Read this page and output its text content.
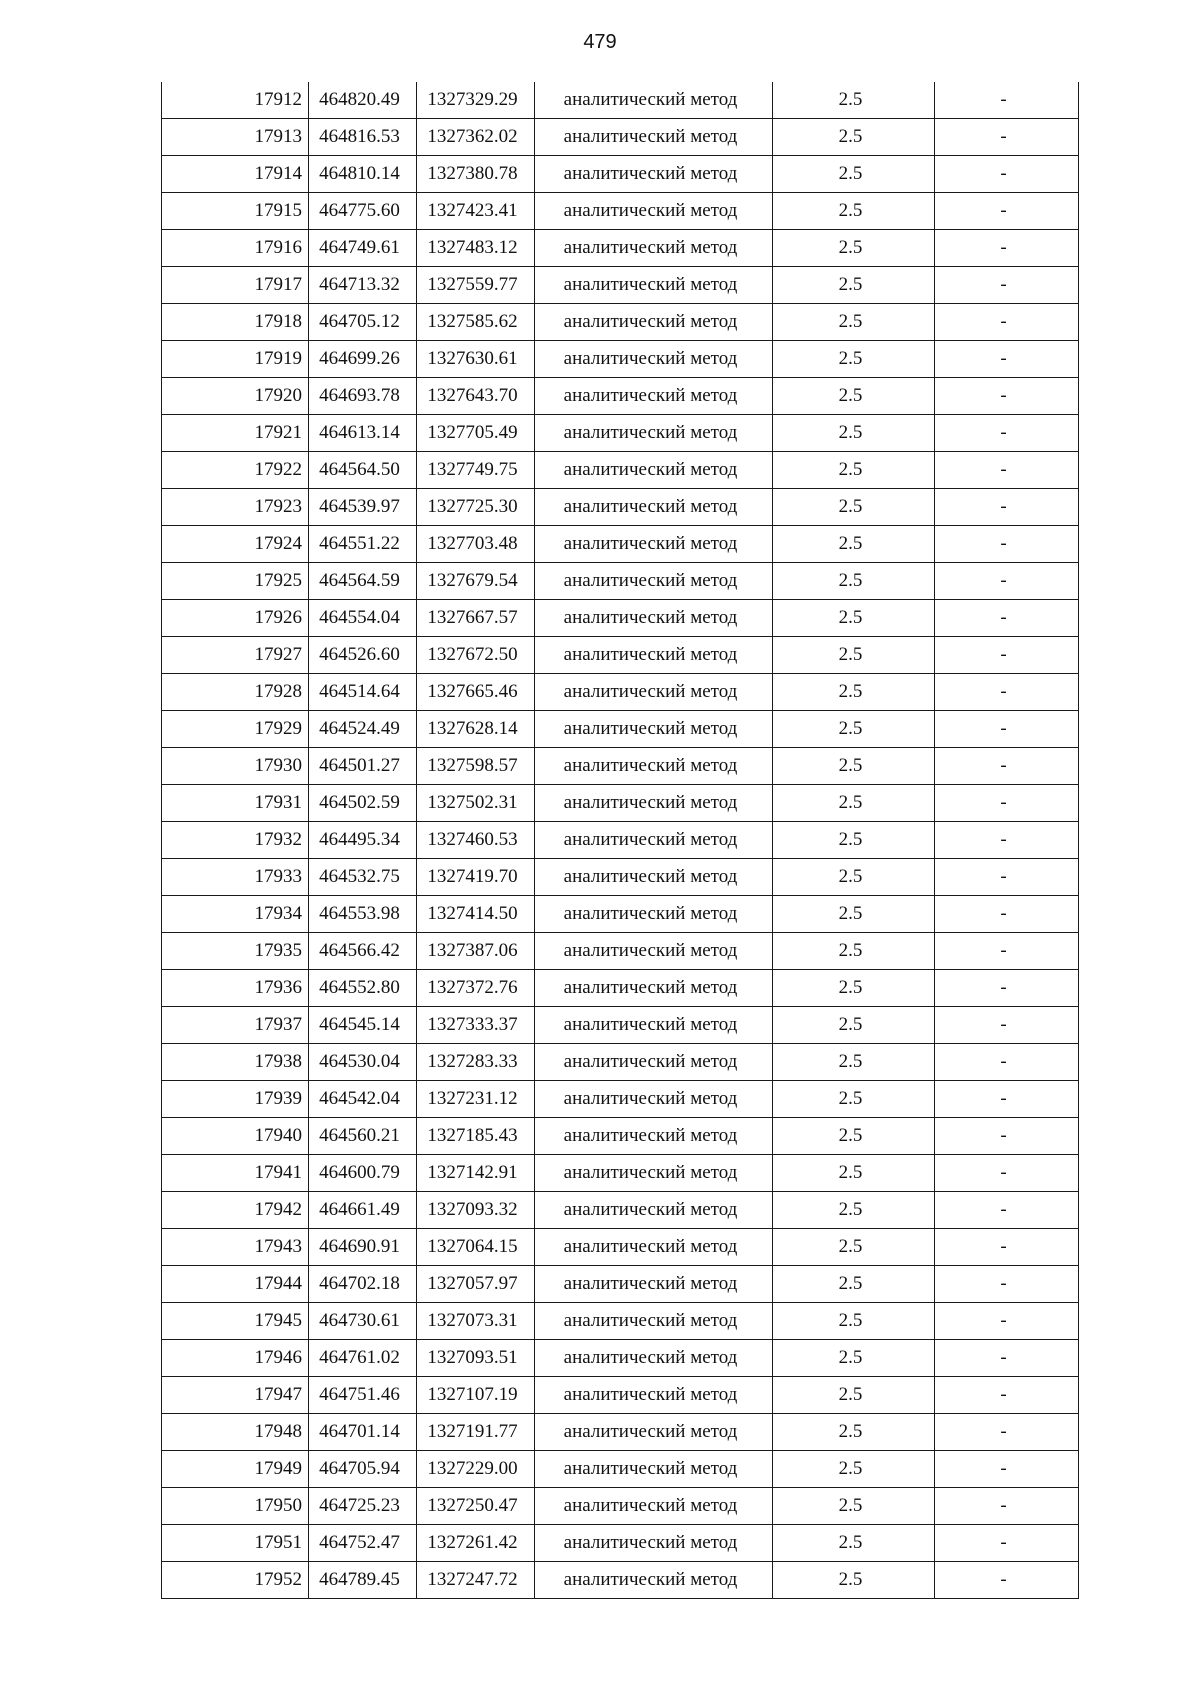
479
17912	464820.49	1327329.29	аналитический метод	2.5	-
17913	464816.53	1327362.02	аналитический метод	2.5	-
17914	464810.14	1327380.78	аналитический метод	2.5	-
17915	464775.60	1327423.41	аналитический метод	2.5	-
17916	464749.61	1327483.12	аналитический метод	2.5	-
17917	464713.32	1327559.77	аналитический метод	2.5	-
17918	464705.12	1327585.62	аналитический метод	2.5	-
17919	464699.26	1327630.61	аналитический метод	2.5	-
17920	464693.78	1327643.70	аналитический метод	2.5	-
17921	464613.14	1327705.49	аналитический метод	2.5	-
17922	464564.50	1327749.75	аналитический метод	2.5	-
17923	464539.97	1327725.30	аналитический метод	2.5	-
17924	464551.22	1327703.48	аналитический метод	2.5	-
17925	464564.59	1327679.54	аналитический метод	2.5	-
17926	464554.04	1327667.57	аналитический метод	2.5	-
17927	464526.60	1327672.50	аналитический метод	2.5	-
17928	464514.64	1327665.46	аналитический метод	2.5	-
17929	464524.49	1327628.14	аналитический метод	2.5	-
17930	464501.27	1327598.57	аналитический метод	2.5	-
17931	464502.59	1327502.31	аналитический метод	2.5	-
17932	464495.34	1327460.53	аналитический метод	2.5	-
17933	464532.75	1327419.70	аналитический метод	2.5	-
17934	464553.98	1327414.50	аналитический метод	2.5	-
17935	464566.42	1327387.06	аналитический метод	2.5	-
17936	464552.80	1327372.76	аналитический метод	2.5	-
17937	464545.14	1327333.37	аналитический метод	2.5	-
17938	464530.04	1327283.33	аналитический метод	2.5	-
17939	464542.04	1327231.12	аналитический метод	2.5	-
17940	464560.21	1327185.43	аналитический метод	2.5	-
17941	464600.79	1327142.91	аналитический метод	2.5	-
17942	464661.49	1327093.32	аналитический метод	2.5	-
17943	464690.91	1327064.15	аналитический метод	2.5	-
17944	464702.18	1327057.97	аналитический метод	2.5	-
17945	464730.61	1327073.31	аналитический метод	2.5	-
17946	464761.02	1327093.51	аналитический метод	2.5	-
17947	464751.46	1327107.19	аналитический метод	2.5	-
17948	464701.14	1327191.77	аналитический метод	2.5	-
17949	464705.94	1327229.00	аналитический метод	2.5	-
17950	464725.23	1327250.47	аналитический метод	2.5	-
17951	464752.47	1327261.42	аналитический метод	2.5	-
17952	464789.45	1327247.72	аналитический метод	2.5	-
